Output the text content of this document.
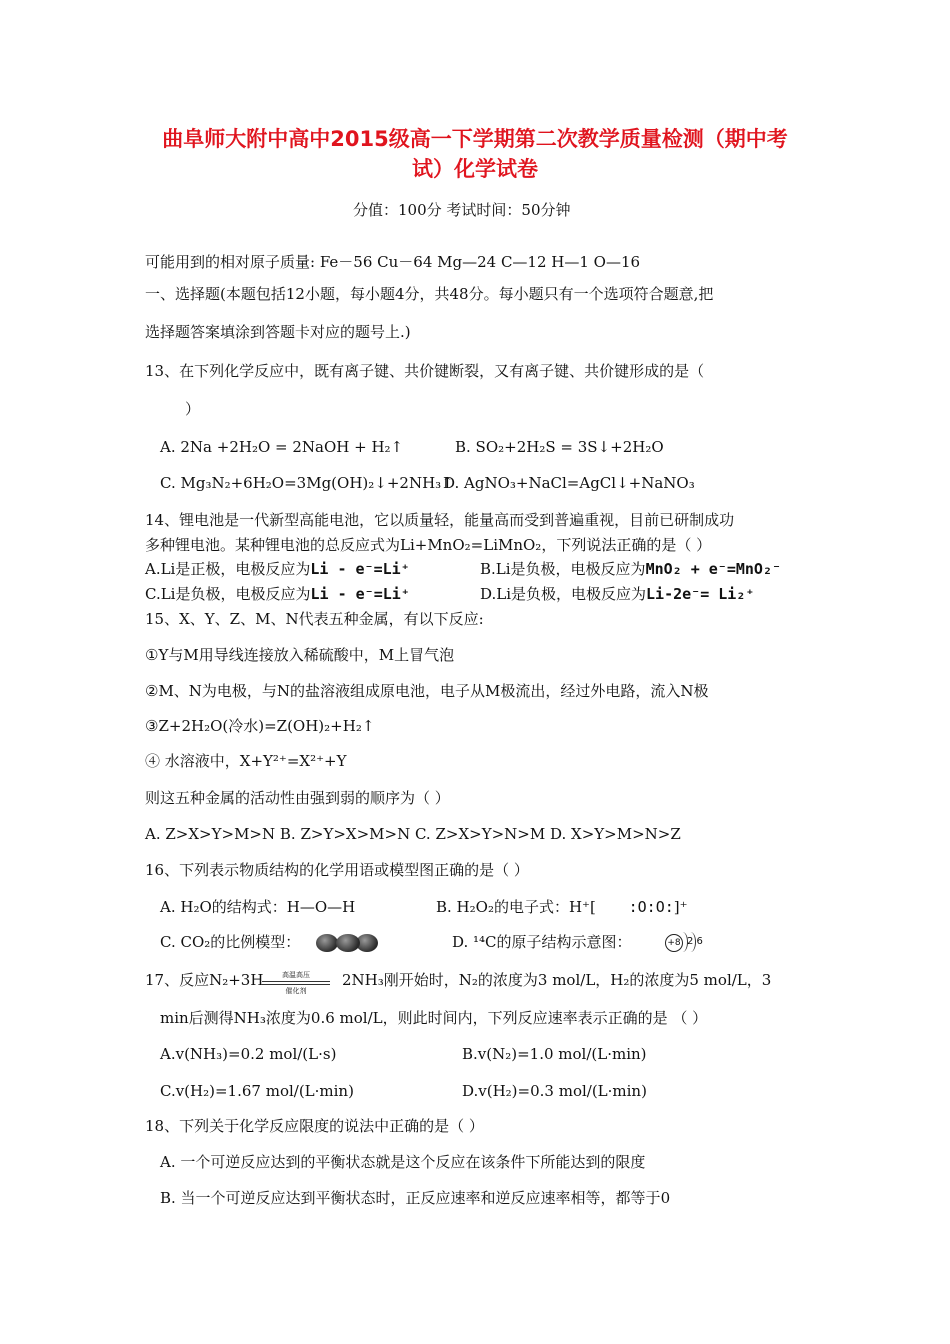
曲阜师大附中高中2015级高一下学期第二次教学质量检测（期中考
试）化学试卷
分值：100分 考试时间：50分钟
可能用到的相对原子质量: Fe－56 Cu－64 Mg—24 C—12 H—1 O—16
一、选择题(本题包括12小题，每小题4分，共48分。每小题只有一个选项符合题意,把
选择题答案填涂到答题卡对应的题号上.)
13、在下列化学反应中，既有离子键、共价键断裂，又有离子键、共价键形成的是（
）
A. 2Na +2H₂O = 2NaOH + H₂↑	B. SO₂+2H₂S = 3S↓+2H₂O
C. Mg₃N₂+6H₂O=3Mg(OH)₂↓+2NH₃↑
D. AgNO₃+NaCl=AgCl↓+NaNO₃
14、锂电池是一代新型高能电池，它以质量轻，能量高而受到普遍重视，目前已研制成功
多种锂电池。某种锂电池的总反应式为Li+MnO₂=LiMnO₂，下列说法正确的是（ ）
A.Li是正极，电极反应为Li - e⁻=Li⁺	B.Li是负极，电极反应为MnO₂ + e⁻=MnO₂⁻
C.Li是负极，电极反应为Li - e⁻=Li⁺	D.Li是负极，电极反应为Li-2e⁻= Li₂⁺
15、X、Y、Z、M、N代表五种金属，有以下反应:
①Y与M用导线连接放入稀硫酸中，M上冒气泡
②M、N为电极，与N的盐溶液组成原电池，电子从M极流出，经过外电路，流入N极
③Z+2H₂O(冷水)=Z(OH)₂+H₂↑
④ 水溶液中，X+Y²⁺=X²⁺+Y
则这五种金属的活动性由强到弱的顺序为（ ）
A. Z>X>Y>M>N B. Z>Y>X>M>N C. Z>X>Y>N>M D. X>Y>M>N>Z
16、下列表示物质结构的化学用语或模型图正确的是（ ）
A. H₂O的结构式：H—O—H	B. H₂O₂的电子式：H⁺[ :O:O:]⁺
C. CO₂的比例模型：	D. ¹⁴C的原子结构示意图：	+8 2 6
17、反应N₂+3H	高温高压
催化剂
2NH₃刚开始时，N₂的浓度为3 mol/L，H₂的浓度为5 mol/L，3
min后测得NH₃浓度为0.6 mol/L，则此时间内，下列反应速率表示正确的是 （ ）
A.v(NH₃)=0.2 mol/(L·s)	B.v(N₂)=1.0 mol/(L·min)
C.v(H₂)=1.67 mol/(L·min)	D.v(H₂)=0.3 mol/(L·min)
18、下列关于化学反应限度的说法中正确的是（ ）
A. 一个可逆反应达到的平衡状态就是这个反应在该条件下所能达到的限度
B. 当一个可逆反应达到平衡状态时，正反应速率和逆反应速率相等，都等于0
